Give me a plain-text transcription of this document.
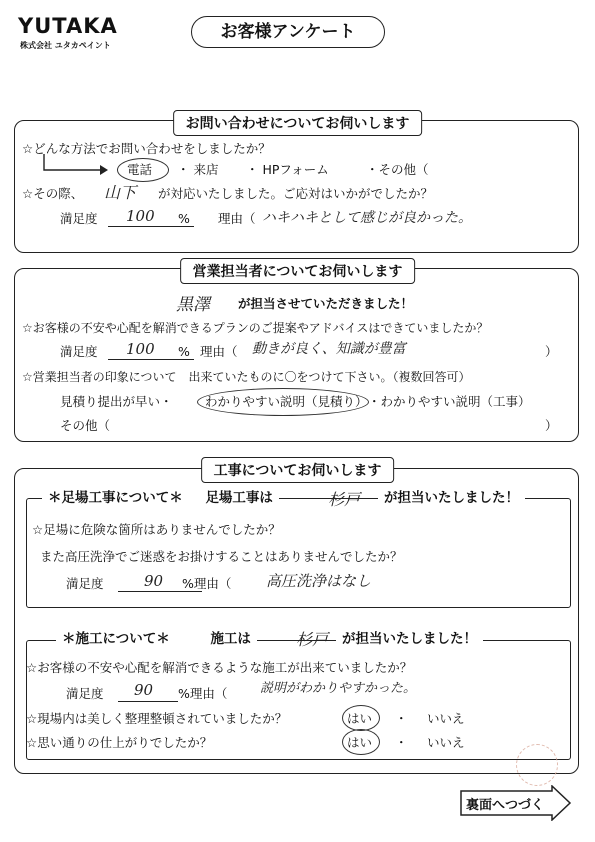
YUTAKA
株式会社 ユタカペイント
お客様アンケート
お問い合わせについてお伺いします
☆どんな方法でお問い合わせをしましたか？
電話 ・ 来店 ・ HPフォーム	・その他（
☆その際、 山下 が対応いたしました。ご応対はいかがでしたか？
満足度 100 % 理由（ ハキハキとして感じが良かった。
営業担当者についてお伺いします
黒澤 が担当させていただきました！
☆お客様の不安や心配を解消できるプランのご提案やアドバイスはできていましたか？
満足度 100 % 理由（ 動きが良く、知識が豊富	）
☆営業担当者の印象について　出来ていたものに〇をつけて下さい。（複数回答可）
見積り提出が早い・	わかりやすい説明（見積り） ・わかりやすい説明（工事）
その他（	）
工事についてお伺いします
＊足場工事について＊ 足場工事は	杉戸	が担当いたしました！
☆足場に危険な箇所はありませんでしたか？
また高圧洗浄でご迷惑をお掛けすることはありませんでしたか？
満足度	90 %理由（ 高圧洗浄はなし
＊施工について＊	施工は	杉戸	が担当いたしました！
☆お客様の不安や心配を解消できるような施工が出来ていましたか？
満足度 90 %理由（	説明がわかりやすかった。
☆現場内は美しく整理整頓されていましたか？	はい ・ いいえ
☆思い通りの仕上がりでしたか？	はい ・ いいえ
裏面へつづく
